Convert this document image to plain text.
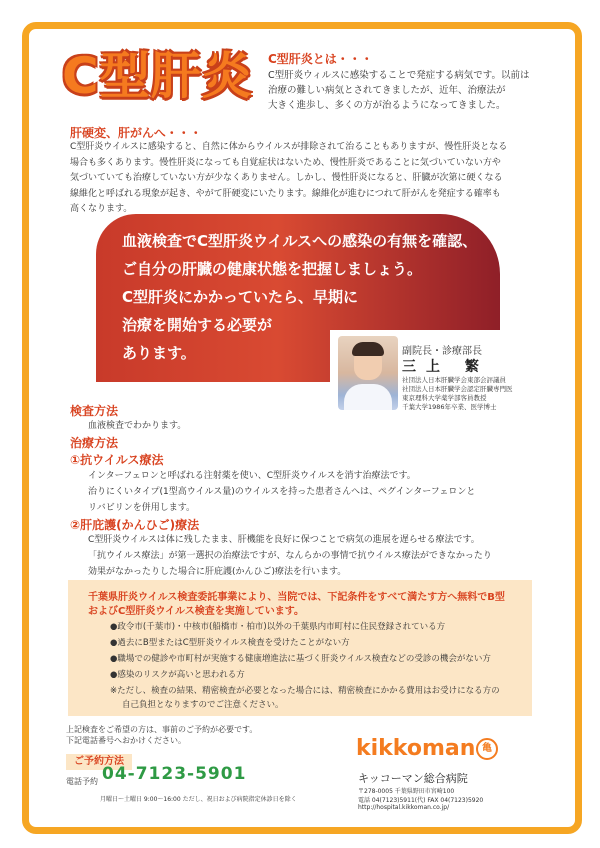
C型肝炎 C型肝炎とは・・・
C型肝炎ウィルスに感染することで発症する病気です。以前は
治療の難しい病気とされてきましたが、近年、治療法が
大きく進歩し、多くの方が治るようになってきました。
肝硬変、肝がんへ・・・
C型肝炎ウイルスに感染すると、自然に体からウイルスが排除されて治ることもありますが、慢性肝炎となる
場合も多くあります。慢性肝炎になっても自覚症状はないため、慢性肝炎であることに気づいていない方や
気づいていても治療していない方が少なくありません。しかし、慢性肝炎になると、肝臓が次第に硬くなる
線維化と呼ばれる現象が起き、やがて肝硬変にいたります。線維化が進むにつれて肝がんを発症する確率も
高くなります。
血液検査でC型肝炎ウイルスへの感染の有無を確認、
ご自分の肝臓の健康状態を把握しましょう。
C型肝炎にかかっていたら、早期に
治療を開始する必要が
あります。	副院長・診療部長
三上 繁
社団法人日本肝臓学会東部会評議員
社団法人日本肝臓学会認定肝臓専門医
東京理科大学薬学部客員教授
千葉大学1986年卒業、医学博士
検査方法
血液検査でわかります。
治療方法
①抗ウイルス療法
インターフェロンと呼ばれる注射薬を使い、C型肝炎ウイルスを消す治療法です。
治りにくいタイプ(1型高ウイルス量)のウイルスを持った患者さんへは、ペグインターフェロンと
リバビリンを併用します。
②肝庇護(かんひご)療法
C型肝炎ウイルスは体に残したまま、肝機能を良好に保つことで病気の進展を遅らせる療法です。
「抗ウイルス療法」が第一選択の治療法ですが、なんらかの事情で抗ウイルス療法ができなかったり
効果がなかったりした場合に肝庇護(かんひご)療法を行います。
千葉県肝炎ウイルス検査委託事業により、当院では、下記条件をすべて満たす方へ無料でB型
およびC型肝炎ウイルス検査を実施しています。
●政令市(千葉市)・中核市(船橋市・柏市)以外の千葉県内市町村に住民登録されている方
●過去にB型またはC型肝炎ウイルス検査を受けたことがない方
●職場での健診や市町村が実施する健康増進法に基づく肝炎ウイルス検査などの受診の機会がない方
●感染のリスクが高いと思われる方
※ただし、検査の結果、精密検査が必要となった場合には、精密検査にかかる費用はお受けになる方の
自己負担となりますのでご注意ください。
上記検査をご希望の方は、事前のご予約が必要です。
下記電話番号へおかけください。
ご予約方法
電話予約 04-7123-5901
月曜日～土曜日 9:00～16:00 ただし、祝日および病院指定休診日を除く
kikkoman 亀
キッコーマン総合病院
〒278-0005 千葉県野田市宮崎100
電話 04(7123)5911(代) FAX 04(7123)5920
http://hospital.kikkoman.co.jp/
